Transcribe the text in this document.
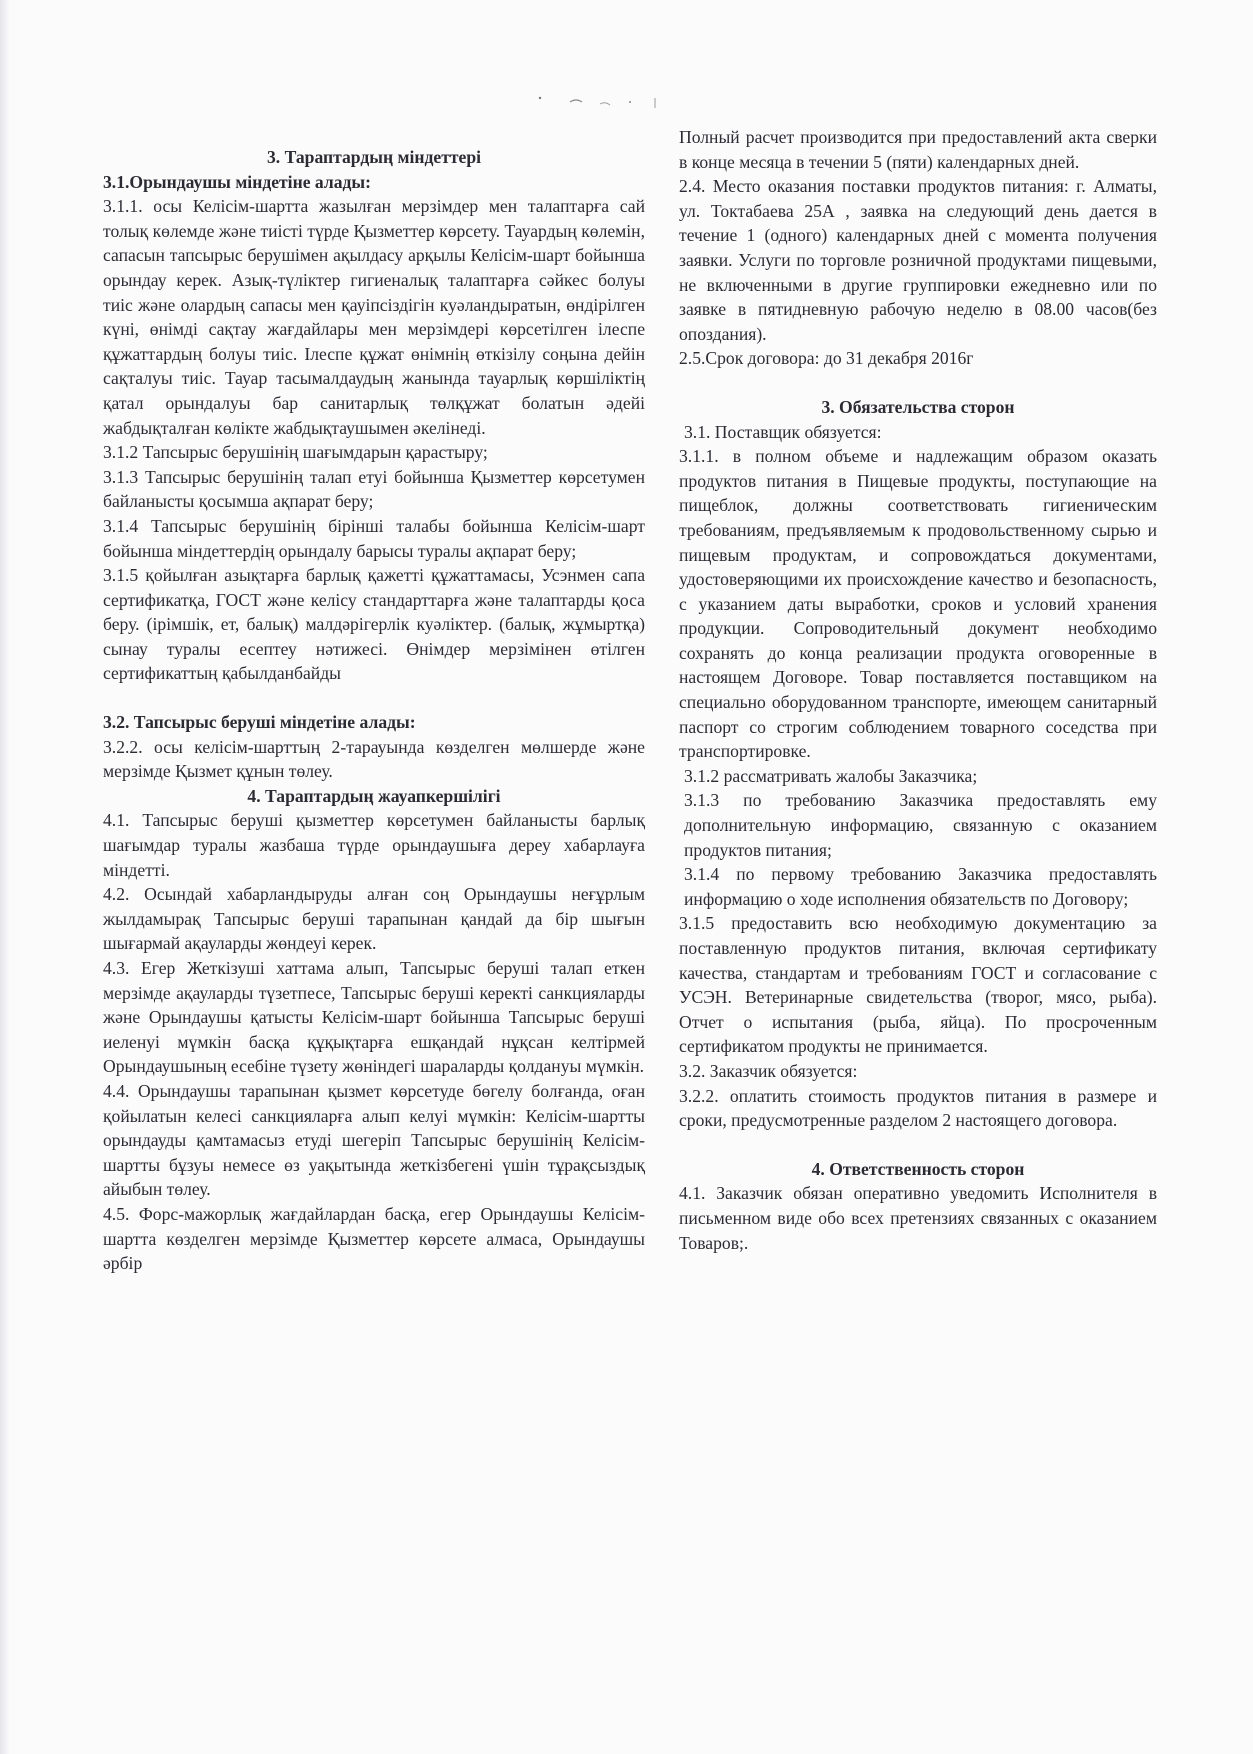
3. Тараптардың міндеттері

3.1.Орындаушы міндетіне алады:

3.1.1. осы Келісім-шартта жазылған мерзімдер мен талаптарға сай толық көлемде және тиісті түрде Қызметтер көрсету. Тауардың көлемін, сапасын тапсырыс берушімен ақылдасу арқылы Келісім-шарт бойынша орындау керек. Азық-түліктер гигиеналық талаптарға сәйкес болуы тиіс және олардың сапасы мен қауіпсіздігін куәландыратын, өндірілген күні, өнімді сақтау жағдайлары мен мерзімдері көрсетілген ілеспе құжаттардың болуы тиіс. Ілеспе құжат өнімнің өткізілу соңына дейін сақталуы тиіс. Тауар тасымалдаудың жанында тауарлық көршіліктің қатал орындалуы бар санитарлық төлқұжат болатын әдейі жабдықталған көлікте жабдықтаушымен әкелінеді.

3.1.2 Тапсырыс берушінің шағымдарын қарастыру;

3.1.3 Тапсырыс берушінің талап етуі бойынша Қызметтер көрсетумен байланысты қосымша ақпарат беру;

3.1.4 Тапсырыс берушінің бірінші талабы бойынша Келісім-шарт бойынша міндеттердің орындалу барысы туралы ақпарат беру;

3.1.5 қойылған азықтарға барлық қажетті құжаттамасы, Усэнмен сапа сертификатқа, ГОСТ және келісу стандарттарға және талаптарды қоса беру. (ірімшік, ет, балық) малдәрігерлік куәліктер. (балық, жұмыртқа) сынау туралы есептеу нәтижесі. Өнімдер мерзімінен өтілген сертификаттың қабылданбайды

3.2. Тапсырыс беруші міндетіне алады:

3.2.2. осы келісім-шарттың 2-тарауында көзделген мөлшерде және мерзімде Қызмет құнын төлеу.

4. Тараптардың жауапкершілігі

4.1. Тапсырыс беруші қызметтер көрсетумен байланысты барлық шағымдар туралы жазбаша түрде орындаушыға дереу хабарлауға міндетті.

4.2. Осындай хабарландыруды алған соң Орындаушы неғұрлым жылдамырақ Тапсырыс беруші тарапынан қандай да бір шығын шығармай ақауларды жөндеуі керек.

4.3. Егер Жеткізуші хаттама алып, Тапсырыс беруші талап еткен мерзімде ақауларды түзетпесе, Тапсырыс беруші керекті санкцияларды және Орындаушы қатысты Келісім-шарт бойынша Тапсырыс беруші иеленуі мүмкін басқа құқықтарға ешқандай нұқсан келтірмей Орындаушының есебіне түзету жөніндегі шараларды қолдануы мүмкін.

4.4. Орындаушы тарапынан қызмет көрсетуде бөгелу болғанда, оған қойылатын келесі санкцияларға алып келуі мүмкін: Келісім-шартты орындауды қамтамасыз етуді шегеріп Тапсырыс берушінің Келісім-шартты бұзуы немесе өз уақытында жеткізбегені үшін тұрақсыздық айыбын төлеу.

4.5. Форс-мажорлық жағдайлардан басқа, егер Орындаушы Келісім-шартта көзделген мерзімде Қызметтер көрсете алмаса, Орындаушы әрбір

Полный расчет производится при предоставлений акта сверки в конце месяца в течении 5 (пяти) календарных дней.

2.4. Место оказания поставки продуктов питания: г. Алматы, ул. Токтабаева 25А , заявка на следующий день дается в течение 1 (одного) календарных дней с момента получения заявки. Услуги по торговле розничной продуктами пищевыми, не включенными в другие группировки ежедневно или по заявке в пятидневную рабочую неделю в 08.00 часов(без опоздания).

2.5.Срок договора: до 31 декабря 2016г

3. Обязательства сторон

3.1. Поставщик обязуется:

3.1.1. в полном объеме и надлежащим образом оказать продуктов питания в Пищевые продукты, поступающие на пищеблок, должны соответствовать гигиеническим требованиям, предъявляемым к продовольственному сырью и пищевым продуктам, и сопровождаться документами, удостоверяющими их происхождение качество и безопасность, с указанием даты выработки, сроков и условий хранения продукции. Сопроводительный документ необходимо сохранять до конца реализации продукта оговоренные в настоящем Договоре. Товар поставляется поставщиком на специально оборудованном транспорте, имеющем санитарный паспорт со строгим соблюдением товарного соседства при транспортировке.

3.1.2 рассматривать жалобы Заказчика;

3.1.3 по требованию Заказчика предоставлять ему дополнительную информацию, связанную с оказанием продуктов питания;

3.1.4 по первому требованию Заказчика предоставлять информацию о ходе исполнения обязательств по Договору;

3.1.5 предоставить всю необходимую документацию за поставленную продуктов питания, включая сертификату качества, стандартам и требованиям ГОСТ и согласование с УСЭН. Ветеринарные свидетельства (творог, мясо, рыба). Отчет о испытания (рыба, яйца). По просроченным сертификатом продукты не принимается.

3.2. Заказчик обязуется:

3.2.2. оплатить стоимость продуктов питания в размере и сроки, предусмотренные разделом 2 настоящего договора.

4. Ответственность сторон

4.1. Заказчик обязан оперативно уведомить Исполнителя в письменном виде обо всех претензиях связанных с оказанием Товаров;.
